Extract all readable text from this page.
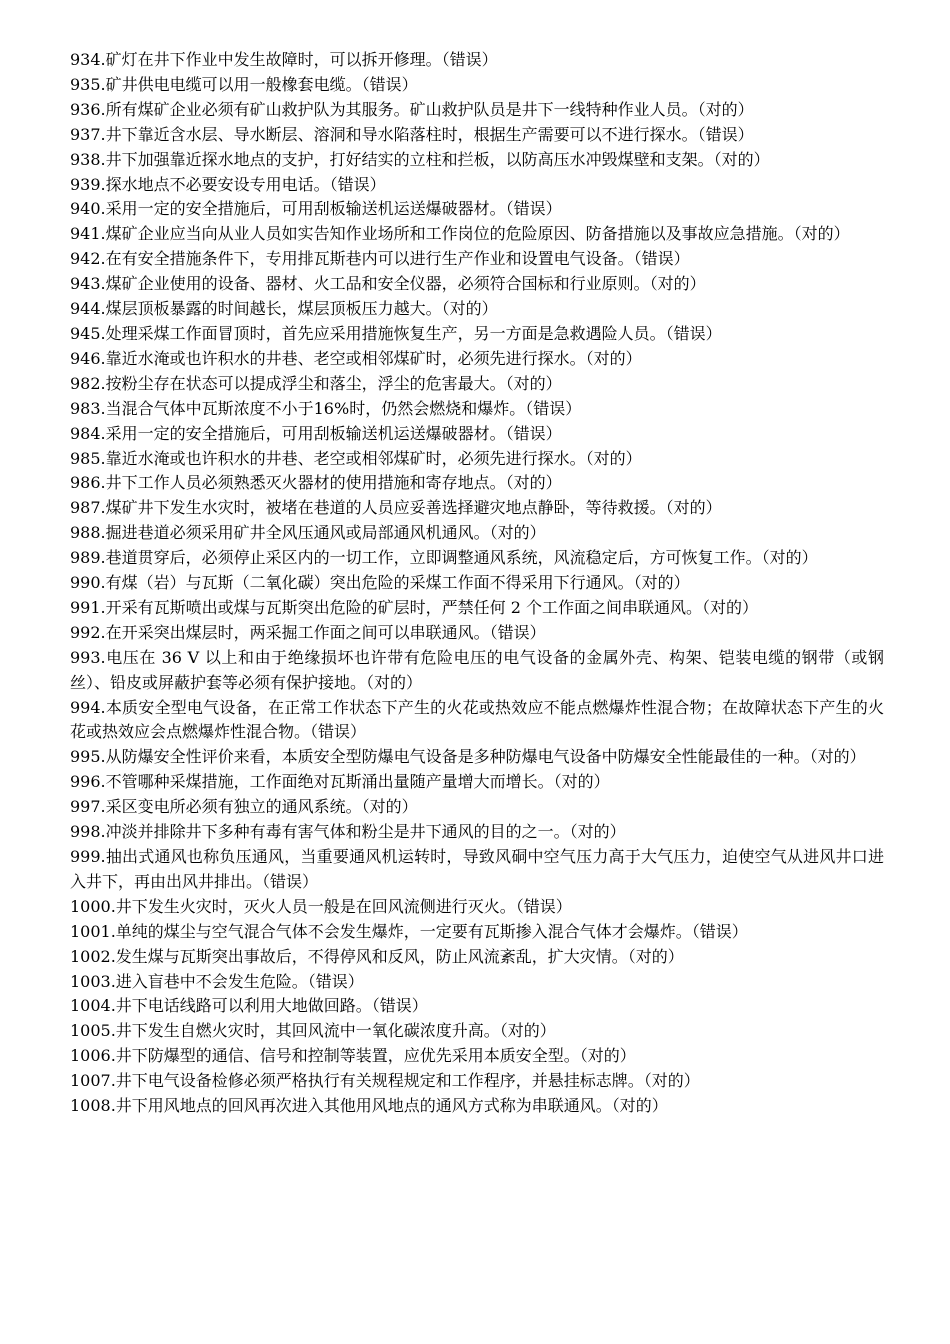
934.矿灯在井下作业中发生故障时，可以拆开修理。（错误）

935.矿井供电电缆可以用一般橡套电缆。（错误）

936.所有煤矿企业必须有矿山救护队为其服务。矿山救护队员是井下一线特种作业人员。（对的）

937.井下靠近含水层、导水断层、溶洞和导水陷落柱时，根据生产需要可以不进行探水。（错误）

938.井下加强靠近探水地点的支护，打好结实的立柱和拦板，以防高压水冲毁煤壁和支架。（对的）

939.探水地点不必要安设专用电话。（错误）

940.采用一定的安全措施后，可用刮板输送机运送爆破器材。（错误）

941.煤矿企业应当向从业人员如实告知作业场所和工作岗位的危险原因、防备措施以及事故应急措施。（对的）

942.在有安全措施条件下，专用排瓦斯巷内可以进行生产作业和设置电气设备。（错误）

943.煤矿企业使用的设备、器材、火工品和安全仪器，必须符合国标和行业原则。（对的）

944.煤层顶板暴露的时间越长，煤层顶板压力越大。（对的）

945.处理采煤工作面冒顶时，首先应采用措施恢复生产，另一方面是急救遇险人员。（错误）

946.靠近水淹或也许积水的井巷、老空或相邻煤矿时，必须先进行探水。（对的）

982.按粉尘存在状态可以提成浮尘和落尘，浮尘的危害最大。（对的）

983.当混合气体中瓦斯浓度不小于16%时，仍然会燃烧和爆炸。（错误）

984.采用一定的安全措施后，可用刮板输送机运送爆破器材。（错误）

985.靠近水淹或也许积水的井巷、老空或相邻煤矿时，必须先进行探水。（对的）

986.井下工作人员必须熟悉灭火器材的使用措施和寄存地点。（对的）

987.煤矿井下发生水灾时，被堵在巷道的人员应妥善选择避灾地点静卧，等待救援。（对的）

988.掘进巷道必须采用矿井全风压通风或局部通风机通风。（对的）

989.巷道贯穿后，必须停止采区内的一切工作，立即调整通风系统，风流稳定后，方可恢复工作。（对的）

990.有煤（岩）与瓦斯（二氧化碳）突出危险的采煤工作面不得采用下行通风。（对的）

991.开采有瓦斯喷出或煤与瓦斯突出危险的矿层时，严禁任何 2 个工作面之间串联通风。（对的）

992.在开采突出煤层时，两采掘工作面之间可以串联通风。（错误）

993.电压在 36 V 以上和由于绝缘损坏也许带有危险电压的电气设备的金属外壳、构架、铠装电缆的钢带（或钢丝）、铅皮或屏蔽护套等必须有保护接地。（对的）

994.本质安全型电气设备，在正常工作状态下产生的火花或热效应不能点燃爆炸性混合物；在故障状态下产生的火花或热效应会点燃爆炸性混合物。（错误）

995.从防爆安全性评价来看，本质安全型防爆电气设备是多种防爆电气设备中防爆安全性能最佳的一种。（对的）

996.不管哪种采煤措施，工作面绝对瓦斯涌出量随产量增大而增长。（对的）

997.采区变电所必须有独立的通风系统。（对的）

998.冲淡并排除井下多种有毒有害气体和粉尘是井下通风的目的之一。（对的）

999.抽出式通风也称负压通风，当重要通风机运转时，导致风硐中空气压力高于大气压力，迫使空气从进风井口进入井下，再由出风井排出。（错误）

1000.井下发生火灾时，灭火人员一般是在回风流侧进行灭火。（错误）

1001.单纯的煤尘与空气混合气体不会发生爆炸，一定要有瓦斯掺入混合气体才会爆炸。（错误）

1002.发生煤与瓦斯突出事故后，不得停风和反风，防止风流紊乱，扩大灾情。（对的）

1003.进入盲巷中不会发生危险。（错误）

1004.井下电话线路可以利用大地做回路。（错误）

1005.井下发生自燃火灾时，其回风流中一氧化碳浓度升高。（对的）

1006.井下防爆型的通信、信号和控制等装置，应优先采用本质安全型。（对的）

1007.井下电气设备检修必须严格执行有关规程规定和工作程序，并悬挂标志牌。（对的）

1008.井下用风地点的回风再次进入其他用风地点的通风方式称为串联通风。（对的）
